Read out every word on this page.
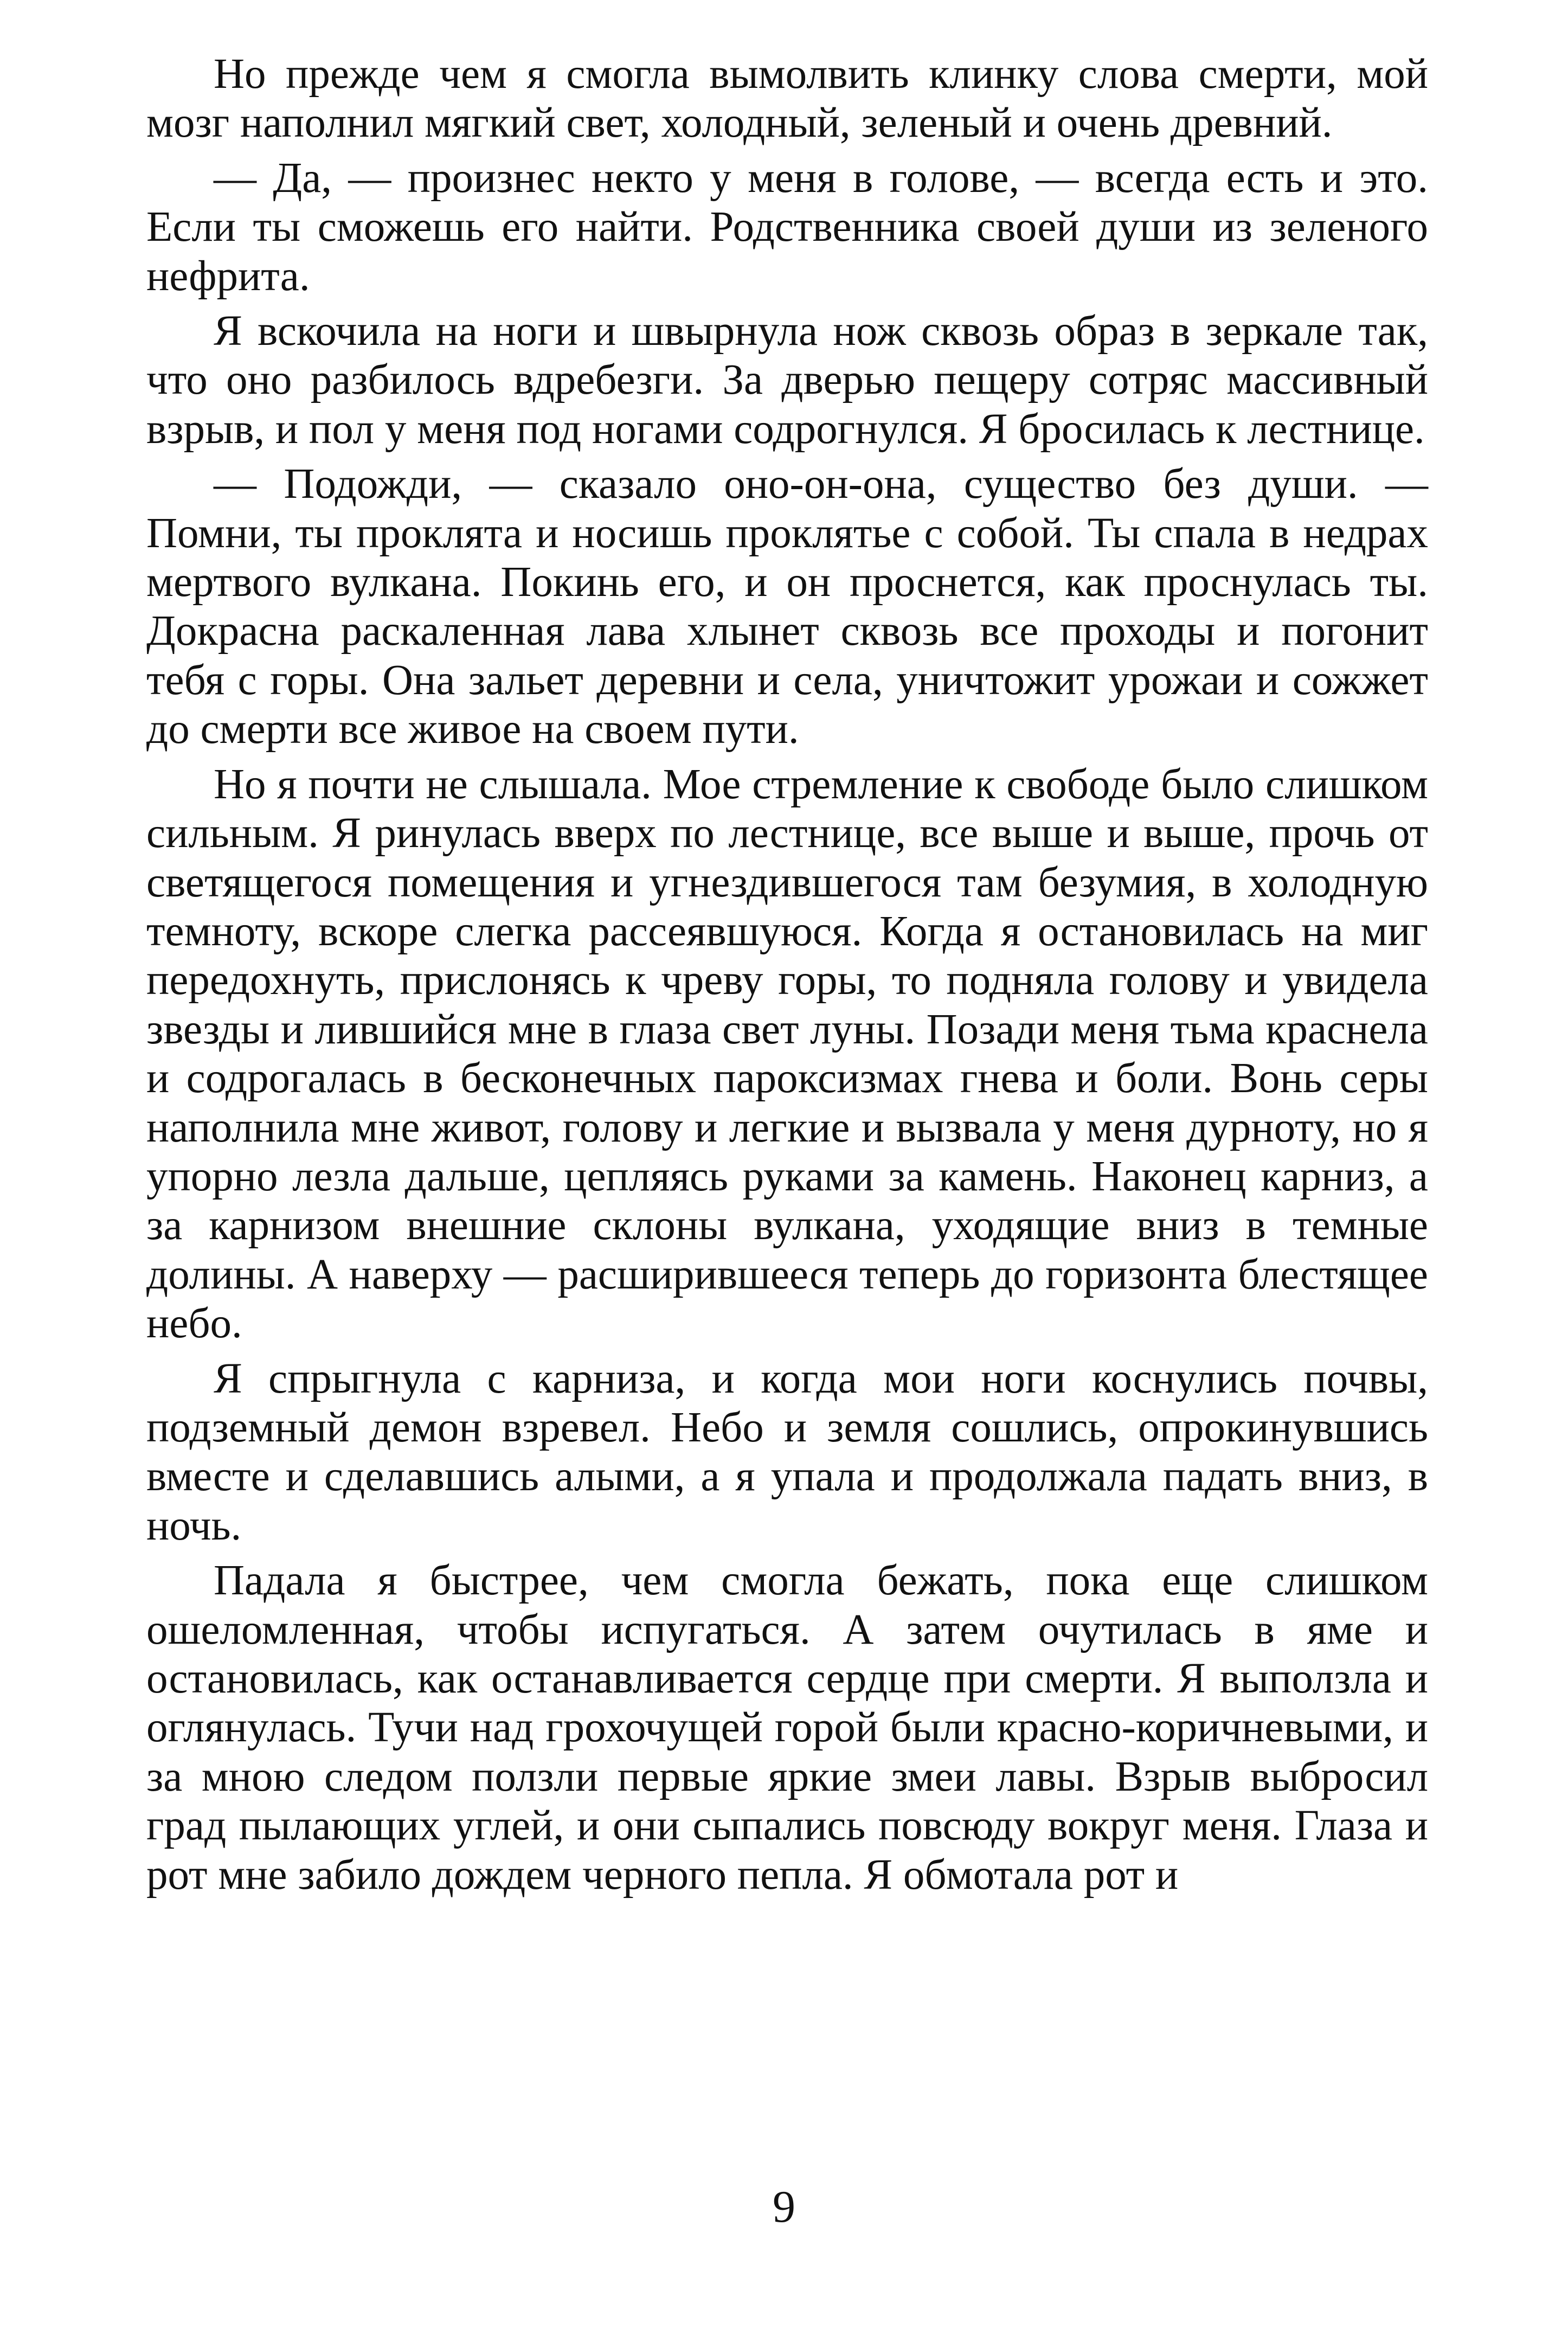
Но прежде чем я смогла вымолвить клинку слова смерти, мой мозг наполнил мягкий свет, холодный, зеленый и очень древний.

— Да, — произнес некто у меня в голове, — всегда есть и это. Если ты сможешь его найти. Родственника своей души из зеленого нефрита.

Я вскочила на ноги и швырнула нож сквозь образ в зеркале так, что оно разбилось вдребезги. За дверью пещеру сотряс массивный взрыв, и пол у меня под ногами содрогнулся. Я бросилась к лестнице.

— Подожди, — сказало оно-он-она, существо без души. — Помни, ты проклята и носишь проклятье с собой. Ты спала в недрах мертвого вулкана. Покинь его, и он проснется, как проснулась ты. Докрасна раскаленная лава хлынет сквозь все проходы и погонит тебя с горы. Она зальет деревни и села, уничтожит урожаи и сожжет до смерти все живое на своем пути.

Но я почти не слышала. Мое стремление к свободе было слишком сильным. Я ринулась вверх по лестнице, все выше и выше, прочь от светящегося помещения и угнездившегося там безумия, в холодную темноту, вскоре слегка рассеявшуюся. Когда я остановилась на миг передохнуть, прислонясь к чреву горы, то подняла голову и увидела звезды и лившийся мне в глаза свет луны. Позади меня тьма краснела и содрогалась в бесконечных пароксизмах гнева и боли. Вонь серы наполнила мне живот, голову и легкие и вызвала у меня дурноту, но я упорно лезла дальше, цепляясь руками за камень. Наконец карниз, а за карнизом внешние склоны вулкана, уходящие вниз в темные долины. А наверху — расширившееся теперь до горизонта блестящее небо.

Я спрыгнула с карниза, и когда мои ноги коснулись почвы, подземный демон взревел. Небо и земля сошлись, опрокинувшись вместе и сделавшись алыми, а я упала и продолжала падать вниз, в ночь.

Падала я быстрее, чем смогла бежать, пока еще слишком ошеломленная, чтобы испугаться. А затем очутилась в яме и остановилась, как останавливается сердце при смерти. Я выползла и оглянулась. Тучи над грохочущей горой были красно-коричневыми, и за мною следом ползли первые яркие змеи лавы. Взрыв выбросил град пылающих углей, и они сыпались повсюду вокруг меня. Глаза и рот мне забило дождем черного пепла. Я обмотала рот и

9
